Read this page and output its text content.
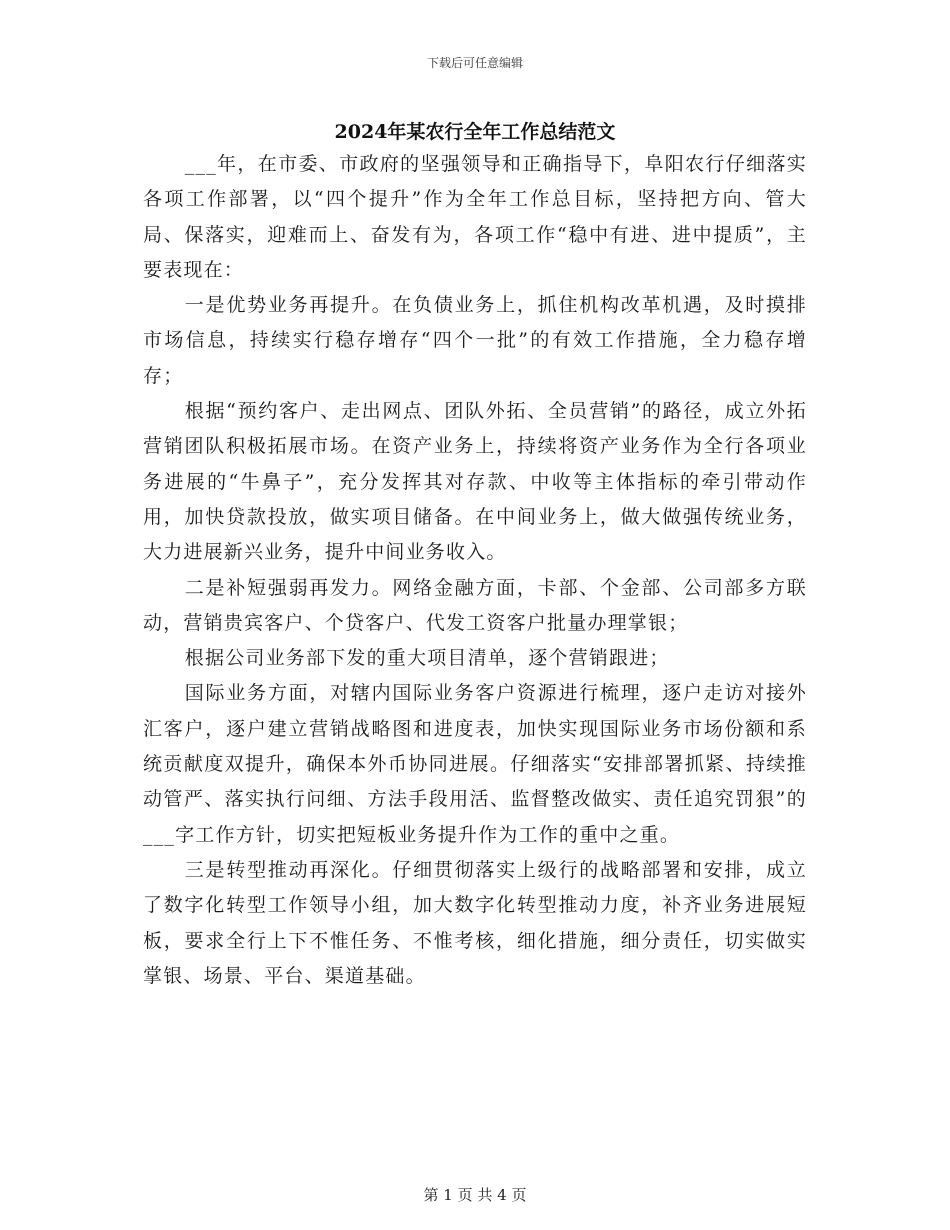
下载后可任意编辑
2024年某农行全年工作总结范文

___年，在市委、市政府的坚强领导和正确指导下，阜阳农行仔细落实各项工作部署，以“四个提升”作为全年工作总目标，坚持把方向、管大局、保落实，迎难而上、奋发有为，各项工作“稳中有进、进中提质”，主要表现在：

一是优势业务再提升。在负债业务上，抓住机构改革机遇，及时摸排市场信息，持续实行稳存增存“四个一批”的有效工作措施，全力稳存增存；

根据“预约客户、走出网点、团队外拓、全员营销”的路径，成立外拓营销团队积极拓展市场。在资产业务上，持续将资产业务作为全行各项业务进展的“牛鼻子”，充分发挥其对存款、中收等主体指标的牵引带动作用，加快贷款投放，做实项目储备。在中间业务上，做大做强传统业务，大力进展新兴业务，提升中间业务收入。

二是补短强弱再发力。网络金融方面，卡部、个金部、公司部多方联动，营销贵宾客户、个贷客户、代发工资客户批量办理掌银；

根据公司业务部下发的重大项目清单，逐个营销跟进；

国际业务方面，对辖内国际业务客户资源进行梳理，逐户走访对接外汇客户，逐户建立营销战略图和进度表，加快实现国际业务市场份额和系统贡献度双提升，确保本外币协同进展。仔细落实“安排部署抓紧、持续推动管严、落实执行问细、方法手段用活、监督整改做实、责任追究罚狠”的___字工作方针，切实把短板业务提升作为工作的重中之重。

三是转型推动再深化。仔细贯彻落实上级行的战略部署和安排，成立了数字化转型工作领导小组，加大数字化转型推动力度，补齐业务进展短板，要求全行上下不惟任务、不惟考核，细化措施，细分责任，切实做实掌银、场景、平台、渠道基础。

第 1 页 共 4 页
